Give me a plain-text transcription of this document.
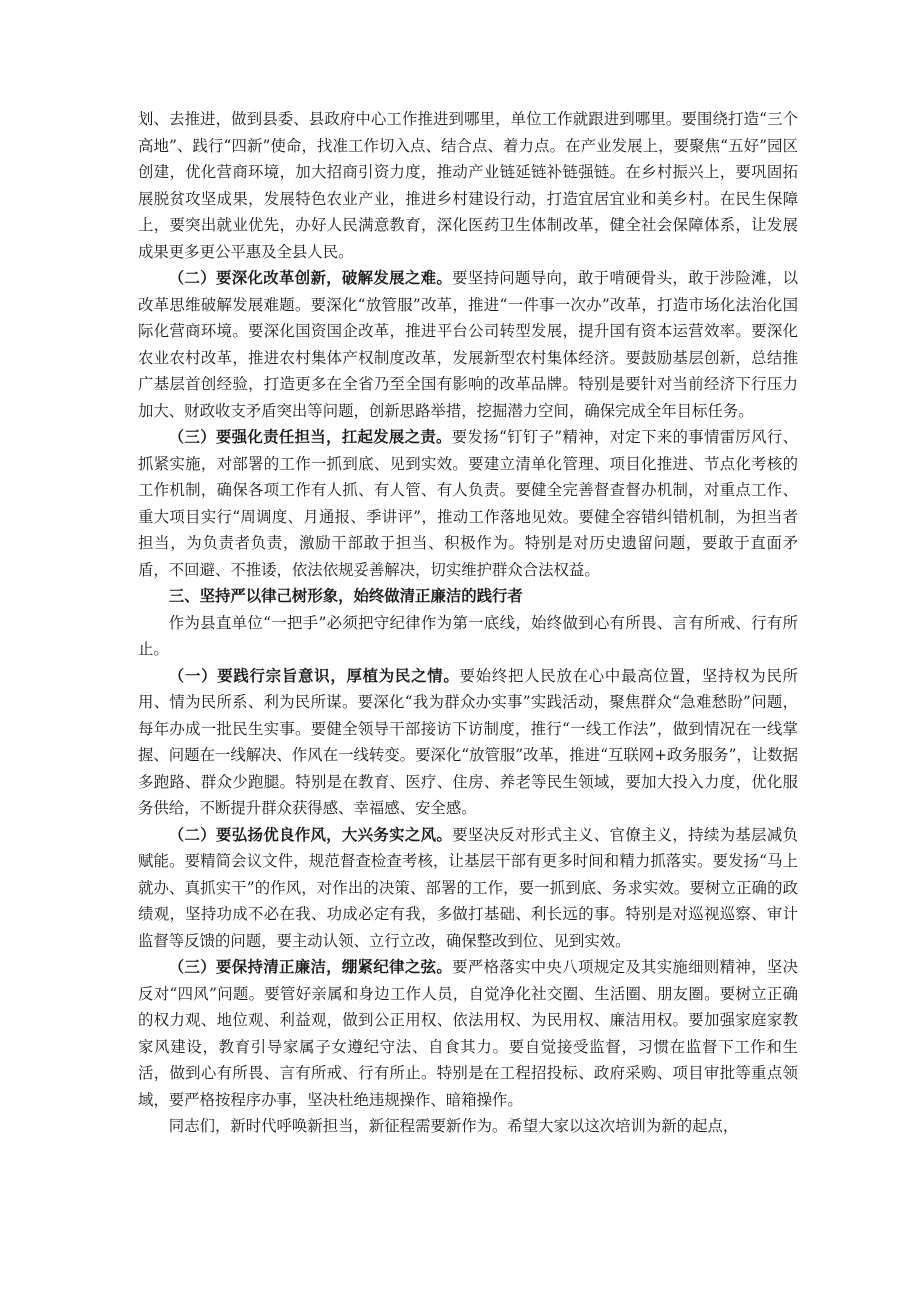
划、去推进，做到县委、县政府中心工作推进到哪里，单位工作就跟进到哪里。要围绕打造“三个高地”、践行“四新”使命，找准工作切入点、结合点、着力点。在产业发展上，要聚焦“五好”园区创建，优化营商环境，加大招商引资力度，推动产业链延链补链强链。在乡村振兴上，要巩固拓展脱贫攻坚成果，发展特色农业产业，推进乡村建设行动，打造宜居宜业和美乡村。在民生保障上，要突出就业优先，办好人民满意教育，深化医药卫生体制改革，健全社会保障体系，让发展成果更多更公平惠及全县人民。

（二）要深化改革创新，破解发展之难。要坚持问题导向，敢于啃硬骨头，敢于涉险滩，以改革思维破解发展难题。要深化“放管服”改革，推进“一件事一次办”改革，打造市场化法治化国际化营商环境。要深化国资国企改革，推进平台公司转型发展，提升国有资本运营效率。要深化农业农村改革，推进农村集体产权制度改革，发展新型农村集体经济。要鼓励基层创新，总结推广基层首创经验，打造更多在全省乃至全国有影响的改革品牌。特别是要针对当前经济下行压力加大、财政收支矛盾突出等问题，创新思路举措，挖掘潜力空间，确保完成全年目标任务。

（三）要强化责任担当，扛起发展之责。要发扬“钉钉子”精神，对定下来的事情雷厉风行、抓紧实施，对部署的工作一抓到底、见到实效。要建立清单化管理、项目化推进、节点化考核的工作机制，确保各项工作有人抓、有人管、有人负责。要健全完善督查督办机制，对重点工作、重大项目实行“周调度、月通报、季讲评”，推动工作落地见效。要健全容错纠错机制，为担当者担当，为负责者负责，激励干部敢于担当、积极作为。特别是对历史遗留问题，要敢于直面矛盾，不回避、不推诿，依法依规妥善解决，切实维护群众合法权益。

三、坚持严以律己树形象，始终做清正廉洁的践行者

作为县直单位“一把手”必须把守纪律作为第一底线，始终做到心有所畏、言有所戒、行有所止。

（一）要践行宗旨意识，厚植为民之情。要始终把人民放在心中最高位置，坚持权为民所用、情为民所系、利为民所谋。要深化“我为群众办实事”实践活动，聚焦群众“急难愁盼”问题，每年办成一批民生实事。要健全领导干部接访下访制度，推行“一线工作法”，做到情况在一线掌握、问题在一线解决、作风在一线转变。要深化“放管服”改革，推进“互联网+政务服务”，让数据多跑路、群众少跑腿。特别是在教育、医疗、住房、养老等民生领域，要加大投入力度，优化服务供给，不断提升群众获得感、幸福感、安全感。

（二）要弘扬优良作风，大兴务实之风。要坚决反对形式主义、官僚主义，持续为基层减负赋能。要精简会议文件，规范督查检查考核，让基层干部有更多时间和精力抓落实。要发扬“马上就办、真抓实干”的作风，对作出的决策、部署的工作，要一抓到底、务求实效。要树立正确的政绩观，坚持功成不必在我、功成必定有我，多做打基础、利长远的事。特别是对巡视巡察、审计监督等反馈的问题，要主动认领、立行立改，确保整改到位、见到实效。

（三）要保持清正廉洁，绷紧纪律之弦。要严格落实中央八项规定及其实施细则精神，坚决反对“四风”问题。要管好亲属和身边工作人员，自觉净化社交圈、生活圈、朋友圈。要树立正确的权力观、地位观、利益观，做到公正用权、依法用权、为民用权、廉洁用权。要加强家庭家教家风建设，教育引导家属子女遵纪守法、自食其力。要自觉接受监督，习惯在监督下工作和生活，做到心有所畏、言有所戒、行有所止。特别是在工程招投标、政府采购、项目审批等重点领域，要严格按程序办事，坚决杜绝违规操作、暗箱操作。

同志们，新时代呼唤新担当，新征程需要新作为。希望大家以这次培训为新的起点，
